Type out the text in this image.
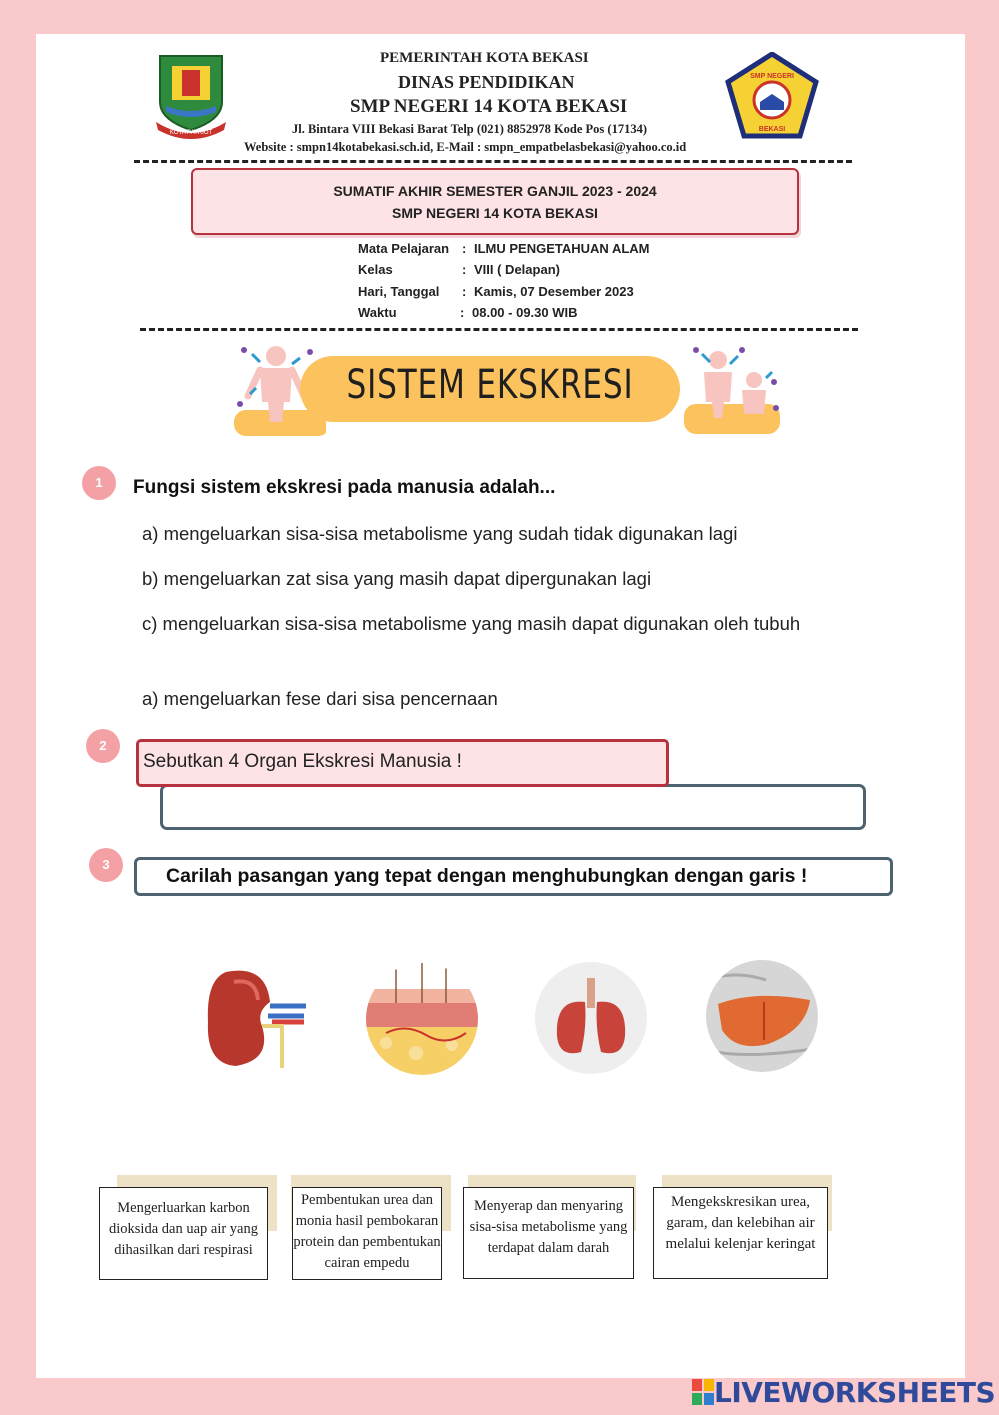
KOTA PATRIOT
SMP NEGERI
BEKASI
PEMERINTAH KOTA BEKASI
DINAS PENDIDIKAN
SMP NEGERI 14 KOTA BEKASI
Jl. Bintara VIII Bekasi Barat Telp (021) 8852978 Kode Pos (17134)
Website : smpn14kotabekasi.sch.id, E-Mail : smpn_empatbelasbekasi@yahoo.co.id
SUMATIF AKHIR SEMESTER GANJIL 2023 - 2024
SMP NEGERI 14 KOTA BEKASI
Mata Pelajaran : ILMU PENGETAHUAN ALAM
Kelas	: VIII ( Delapan)
Hari, Tanggal : Kamis, 07 Desember 2023
Waktu	: 08.00 - 09.30 WIB
SISTEM EKSKRESI
1	Fungsi sistem ekskresi pada manusia adalah...
a) mengeluarkan sisa-sisa metabolisme yang sudah tidak digunakan lagi
b) mengeluarkan zat sisa yang masih dapat dipergunakan lagi
c) mengeluarkan sisa-sisa metabolisme yang masih dapat digunakan oleh tubuh
a) mengeluarkan fese dari sisa pencernaan
2
Sebutkan 4 Organ Ekskresi Manusia !
3
Carilah pasangan yang tepat dengan menghubungkan dengan garis !
Mengerluarkan karbon dioksida dan uap air yang dihasilkan dari respirasi
Pembentukan urea dan monia hasil pembokaran protein dan pembentukan cairan empedu
Menyerap dan menyaring sisa-sisa metabolisme yang terdapat dalam darah
Mengekskresikan urea, garam, dan kelebihan air melalui kelenjar keringat
LIVEWORKSHEETS
